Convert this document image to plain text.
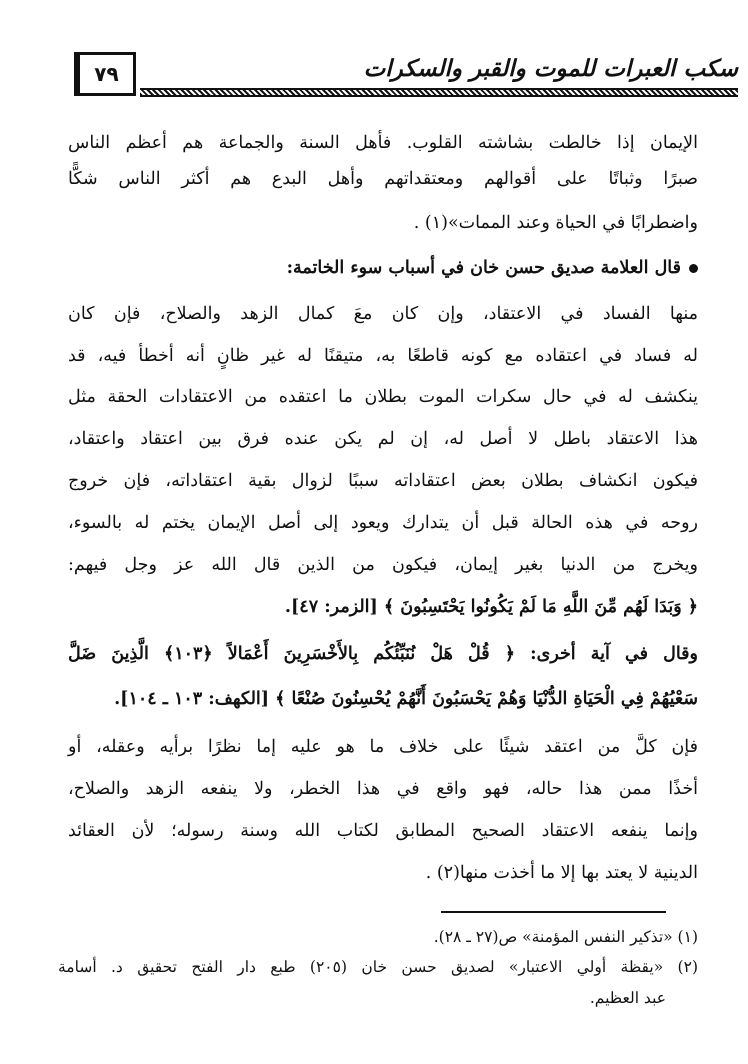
سكب العبرات للموت والقبر والسكرات
٧٩
الإيمان إذا خالطت بشاشته القلوب. فأهل السنة والجماعة هم أعظم الناس
صبرًا وثباتًا على أقوالهم ومعتقداتهم وأهل البدع هم أكثر الناس شكًّا
واضطرابًا في الحياة وعند الممات»(١) .
قال العلامة صديق حسن خان في أسباب سوء الخاتمة:
منها الفساد في الاعتقاد، وإن كان معَ كمال الزهد والصلاح، فإن كان
له فساد في اعتقاده مع كونه قاطعًا به، متيقنًا له غير ظانٍ أنه أخطأ فيه، قد
ينكشف له في حال سكرات الموت بطلان ما اعتقده من الاعتقادات الحقة مثل
هذا الاعتقاد باطل لا أصل له، إن لم يكن عنده فرق بين اعتقاد واعتقاد،
فيكون انكشاف بطلان بعض اعتقاداته سببًا لزوال بقية اعتقاداته، فإن خروج
روحه في هذه الحالة قبل أن يتدارك ويعود إلى أصل الإيمان يختم له بالسوء،
ويخرج من الدنيا بغير إيمان، فيكون من الذين قال الله عز وجل فيهم:
﴿ وَبَدَا لَهُم مِّنَ اللَّهِ مَا لَمْ يَكُونُوا يَحْتَسِبُونَ ﴾ [الزمر: ٤٧].
وقال في آية أخرى: ﴿ قُلْ هَلْ نُنَبِّئُكُم بِالأَخْسَرِينَ أَعْمَالاً ﴿١٠٣﴾ الَّذِينَ ضَلَّ
سَعْيُهُمْ فِي الْحَيَاةِ الدُّنْيَا وَهُمْ يَحْسَبُونَ أَنَّهُمْ يُحْسِنُونَ صُنْعًا ﴾ [الكهف: ١٠٣ ـ ١٠٤].
فإن كلَّ من اعتقد شيئًا على خلاف ما هو عليه إما نظرًا برأيه وعقله، أو
أخذًا ممن هذا حاله، فهو واقع في هذا الخطر، ولا ينفعه الزهد والصلاح،
وإنما ينفعه الاعتقاد الصحيح المطابق لكتاب الله وسنة رسوله؛ لأن العقائد
الدينية لا يعتد بها إلا ما أخذت منها(٢) .
(١) «تذكير النفس المؤمنة» ص(٢٧ ـ ٢٨).
(٢) «يقظة أولي الاعتبار» لصديق حسن خان (٢٠٥) طبع دار الفتح تحقيق د. أسامة
عبد العظيم.
